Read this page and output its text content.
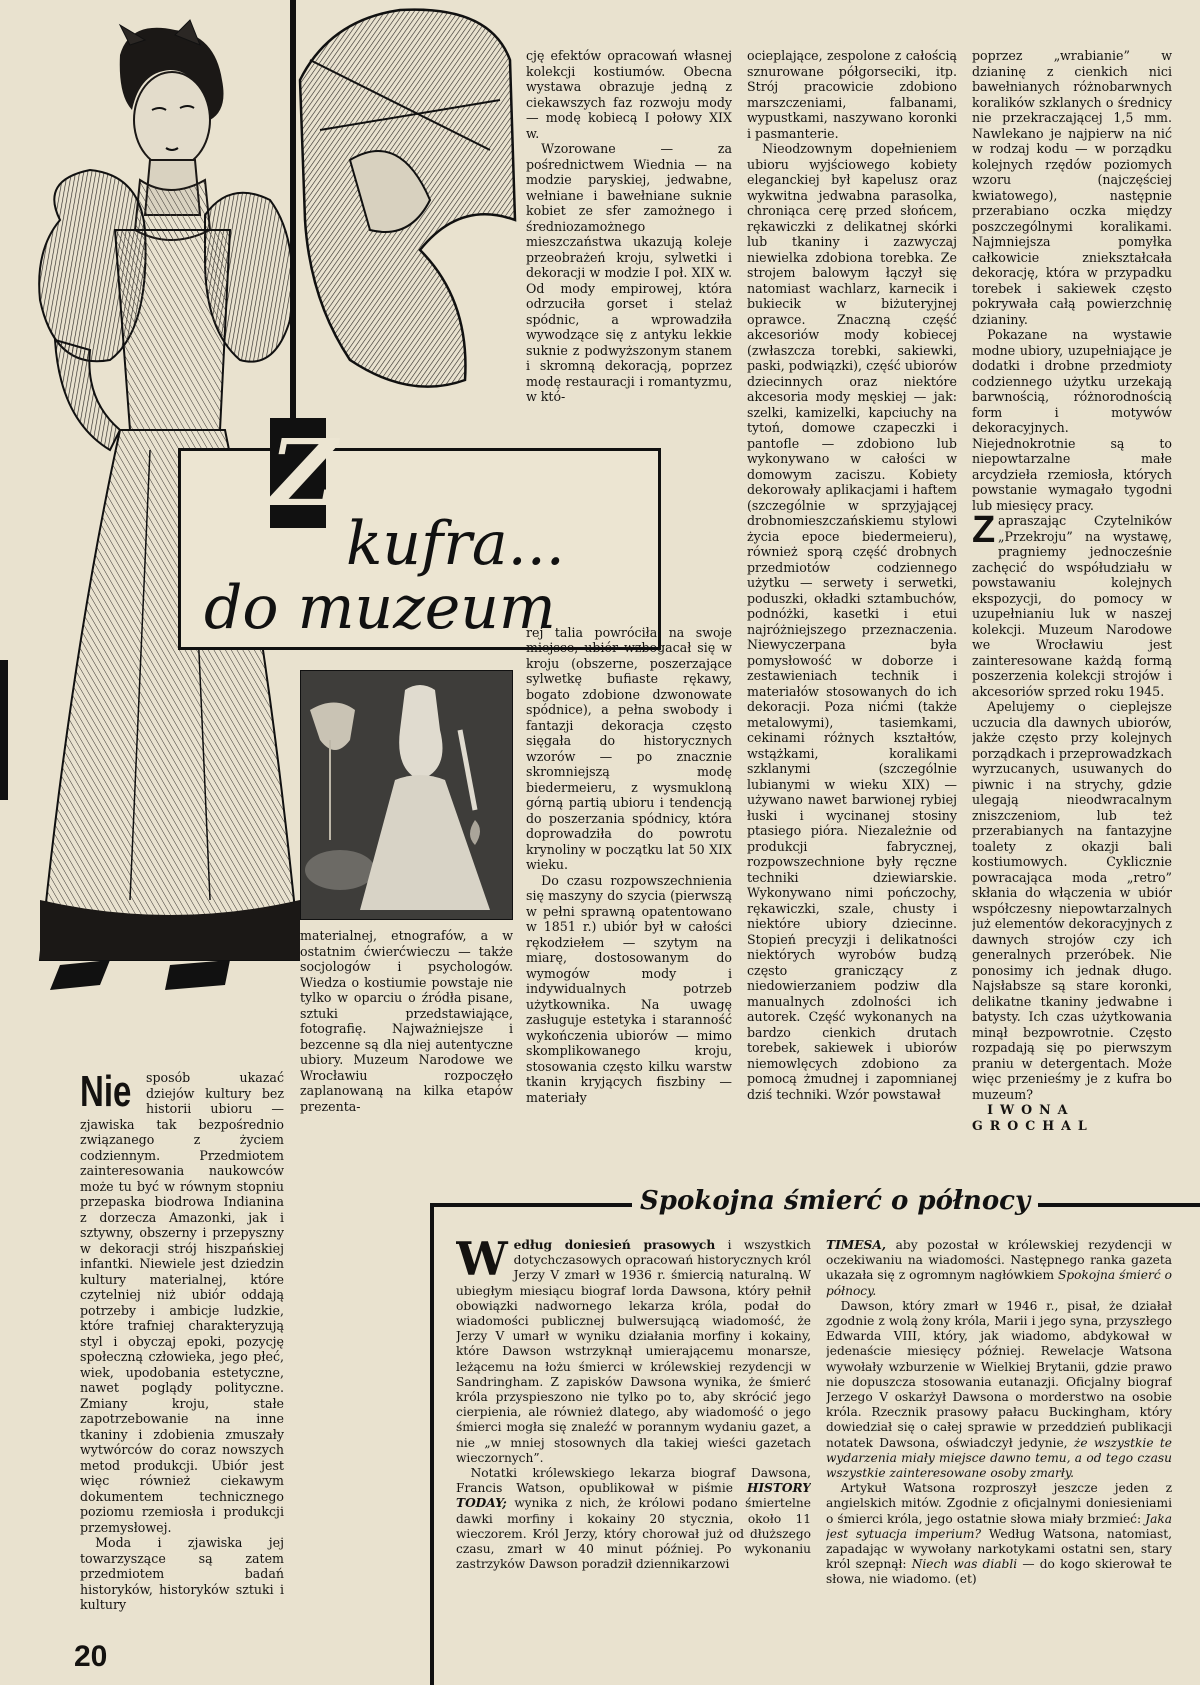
Z
kufra...
do muzeum

Nie sposób ukazać dziejów kultury bez historii ubioru — zjawiska tak bezpośrednio związanego z życiem codziennym. Przedmiotem zainteresowania naukowców może tu być w równym stopniu przepaska biodrowa Indianina z dorzecza Amazonki, jak i sztywny, obszerny i przepyszny w dekoracji strój hiszpańskiej infantki. Niewiele jest dziedzin kultury materialnej, które czytelniej niż ubiór oddają potrzeby i ambicje ludzkie, które trafniej charakteryzują styl i obyczaj epoki, pozycję społeczną człowieka, jego płeć, wiek, upodobania estetyczne, nawet poglądy polityczne. Zmiany kroju, stałe zapotrzebowanie na inne tkaniny i zdobienia zmuszały wytwórców do coraz nowszych metod produkcji. Ubiór jest więc również ciekawym dokumentem technicznego poziomu rzemiosła i produkcji przemysłowej.

Moda i zjawiska jej towarzyszące są zatem przedmiotem badań historyków, historyków sztuki i kultury

materialnej, etnografów, a w ostatnim ćwierćwieczu — także socjologów i psychologów. Wiedza o kostiumie powstaje nie tylko w oparciu o źródła pisane, sztuki przedstawiające, fotografię. Najważniejsze i bezcenne są dla niej autentyczne ubiory. Muzeum Narodowe we Wrocławiu rozpoczęło zaplanowaną na kilka etapów prezenta-

cję efektów opracowań własnej kolekcji kostiumów. Obecna wystawa obrazuje jedną z ciekawszych faz rozwoju mody — modę kobiecą I połowy XIX w.

Wzorowane — za pośrednictwem Wiednia — na modzie paryskiej, jedwabne, wełniane i bawełniane suknie kobiet ze sfer zamożnego i średniozamożnego mieszczaństwa ukazują koleje przeobrażeń kroju, sylwetki i dekoracji w modzie I poł. XIX w. Od mody empirowej, która odrzuciła gorset i stelaż spódnic, a wprowadziła wywodzące się z antyku lekkie suknie z podwyższonym stanem i skromną dekoracją, poprzez modę restauracji i romantyzmu, w któ-

rej talia powróciła na swoje miejsce, ubiór wzbogacał się w kroju (obszerne, poszerzające sylwetkę bufiaste rękawy, bogato zdobione dzwonowate spódnice), a pełna swobody i fantazji dekoracja często sięgała do historycznych wzorów — po znacznie skromniejszą modę biedermeieru, z wysmukloną górną partią ubioru i tendencją do poszerzania spódnicy, która doprowadziła do powrotu krynoliny w początku lat 50 XIX wieku.

Do czasu rozpowszechnienia się maszyny do szycia (pierwszą w pełni sprawną opatentowano w 1851 r.) ubiór był w całości rękodziełem — szytym na miarę, dostosowanym do wymogów mody i indywidualnych potrzeb użytkownika. Na uwagę zasługuje estetyka i staranność wykończenia ubiorów — mimo skomplikowanego kroju, stosowania często kilku warstw tkanin kryjących fiszbiny — materiały

ocieplające, zespolone z całością sznurowane półgorseciki, itp. Strój pracowicie zdobiono marszczeniami, falbanami, wypustkami, naszywano koronki i pasmanterie.

Nieodzownym dopełnieniem ubioru wyjściowego kobiety eleganckiej był kapelusz oraz wykwitna jedwabna parasolka, chroniąca cerę przed słońcem, rękawiczki z delikatnej skórki lub tkaniny i zazwyczaj niewielka zdobiona torebka. Ze strojem balowym łączył się natomiast wachlarz, karnecik i bukiecik w biżuteryjnej oprawce. Znaczną część akcesoriów mody kobiecej (zwłaszcza torebki, sakiewki, paski, podwiązki), część ubiorów dziecinnych oraz niektóre akcesoria mody męskiej — jak: szelki, kamizelki, kapciuchy na tytoń, domowe czapeczki i pantofle — zdobiono lub wykonywano w całości w domowym zaciszu. Kobiety dekorowały aplikacjami i haftem (szczególnie w sprzyjającej drobnomieszczańskiemu stylowi życia epoce biedermeieru), również sporą część drobnych przedmiotów codziennego użytku — serwety i serwetki, poduszki, okładki sztambuchów, podnóżki, kasetki i etui najróżniejszego przeznaczenia. Niewyczerpana była pomysłowość w doborze i zestawieniach technik i materiałów stosowanych do ich dekoracji. Poza nićmi (także metalowymi), tasiemkami, cekinami różnych kształtów, wstążkami, koralikami szklanymi (szczególnie lubianymi w wieku XIX) — używano nawet barwionej rybiej łuski i wycinanej stosiny ptasiego pióra. Niezależnie od produkcji fabrycznej, rozpowszechnione były ręczne techniki dziewiarskie. Wykonywano nimi pończochy, rękawiczki, szale, chusty i niektóre ubiory dziecinne. Stopień precyzji i delikatności niektórych wyrobów budzą często graniczący z niedowierzaniem podziw dla manualnych zdolności ich autorek. Część wykonanych na bardzo cienkich drutach torebek, sakiewek i ubiorów niemowlęcych zdobiono za pomocą żmudnej i zapomnianej dziś techniki. Wzór powstawał

poprzez „wrabianie” w dzianinę z cienkich nici bawełnianych różnobarwnych koralików szklanych o średnicy nie przekraczającej 1,5 mm. Nawlekano je najpierw na nić w rodzaj kodu — w porządku kolejnych rzędów poziomych wzoru (najczęściej kwiatowego), następnie przerabiano oczka między poszczególnymi koralikami. Najmniejsza pomyłka całkowicie zniekształcała dekorację, która w przypadku torebek i sakiewek często pokrywała całą powierzchnię dzianiny.

Pokazane na wystawie modne ubiory, uzupełniające je dodatki i drobne przedmioty codziennego użytku urzekają barwnością, różnorodnością form i motywów dekoracyjnych. Niejednokrotnie są to niepowtarzalne małe arcydzieła rzemiosła, których powstanie wymagało tygodni lub miesięcy pracy.

Zapraszając Czytelników „Przekroju” na wystawę, pragniemy jednocześnie zachęcić do współudziału w powstawaniu kolejnych ekspozycji, do pomocy w uzupełnianiu luk w naszej kolekcji. Muzeum Narodowe we Wrocławiu jest zainteresowane każdą formą poszerzenia kolekcji strojów i akcesoriów sprzed roku 1945.

Apelujemy o cieplejsze uczucia dla dawnych ubiorów, jakże często przy kolejnych porządkach i przeprowadzkach wyrzucanych, usuwanych do piwnic i na strychy, gdzie ulegają nieodwracalnym zniszczeniom, lub też przerabianych na fantazyjne toalety z okazji bali kostiumowych. Cyklicznie powracająca moda „retro” skłania do włączenia w ubiór współczesny niepowtarzalnych już elementów dekoracyjnych z dawnych strojów czy ich generalnych przeróbek. Nie ponosimy ich jednak długo. Najsłabsze są stare koronki, delikatne tkaniny jedwabne i batysty. Ich czas użytkowania minął bezpowrotnie. Często rozpadają się po pierwszym praniu w detergentach. Może więc przenieśmy je z kufra bo muzeum?

IWONA GROCHAL

Spokojna śmierć o północy

Według doniesień prasowych i wszystkich dotychczasowych opracowań historycznych król Jerzy V zmarł w 1936 r. śmiercią naturalną. W ubiegłym miesiącu biograf lorda Dawsona, który pełnił obowiązki nadwornego lekarza króla, podał do wiadomości publicznej bulwersującą wiadomość, że Jerzy V umarł w wyniku działania morfiny i kokainy, które Dawson wstrzyknął umierającemu monarsze, leżącemu na łożu śmierci w królewskiej rezydencji w Sandringham. Z zapisków Dawsona wynika, że śmierć króla przyspieszono nie tylko po to, aby skrócić jego cierpienia, ale również dlatego, aby wiadomość o jego śmierci mogła się znaleźć w porannym wydaniu gazet, a nie „w mniej stosownych dla takiej wieści gazetach wieczornych”.

Notatki królewskiego lekarza biograf Dawsona, Francis Watson, opublikował w piśmie HISTORY TODAY; wynika z nich, że królowi podano śmiertelne dawki morfiny i kokainy 20 stycznia, około 11 wieczorem. Król Jerzy, który chorował już od dłuższego czasu, zmarł w 40 minut później. Po wykonaniu zastrzyków Dawson poradził dziennikarzowi

TIMESA, aby pozostał w królewskiej rezydencji w oczekiwaniu na wiadomości. Następnego ranka gazeta ukazała się z ogromnym nagłówkiem Spokojna śmierć o północy.

Dawson, który zmarł w 1946 r., pisał, że działał zgodnie z wolą żony króla, Marii i jego syna, przyszłego Edwarda VIII, który, jak wiadomo, abdykował w jedenaście miesięcy później. Rewelacje Watsona wywołały wzburzenie w Wielkiej Brytanii, gdzie prawo nie dopuszcza stosowania eutanazji. Oficjalny biograf Jerzego V oskarżył Dawsona o morderstwo na osobie króla. Rzecznik prasowy pałacu Buckingham, który dowiedział się o całej sprawie w przeddzień publikacji notatek Dawsona, oświadczył jedynie, że wszystkie te wydarzenia miały miejsce dawno temu, a od tego czasu wszystkie zainteresowane osoby zmarły.

Artykuł Watsona rozproszył jeszcze jeden z angielskich mitów. Zgodnie z oficjalnymi doniesieniami o śmierci króla, jego ostatnie słowa miały brzmieć: Jaka jest sytuacja imperium? Według Watsona, natomiast, zapadając w wywołany narkotykami ostatni sen, stary król szepnął: Niech was diabli — do kogo skierował te słowa, nie wiadomo. (et)

20
